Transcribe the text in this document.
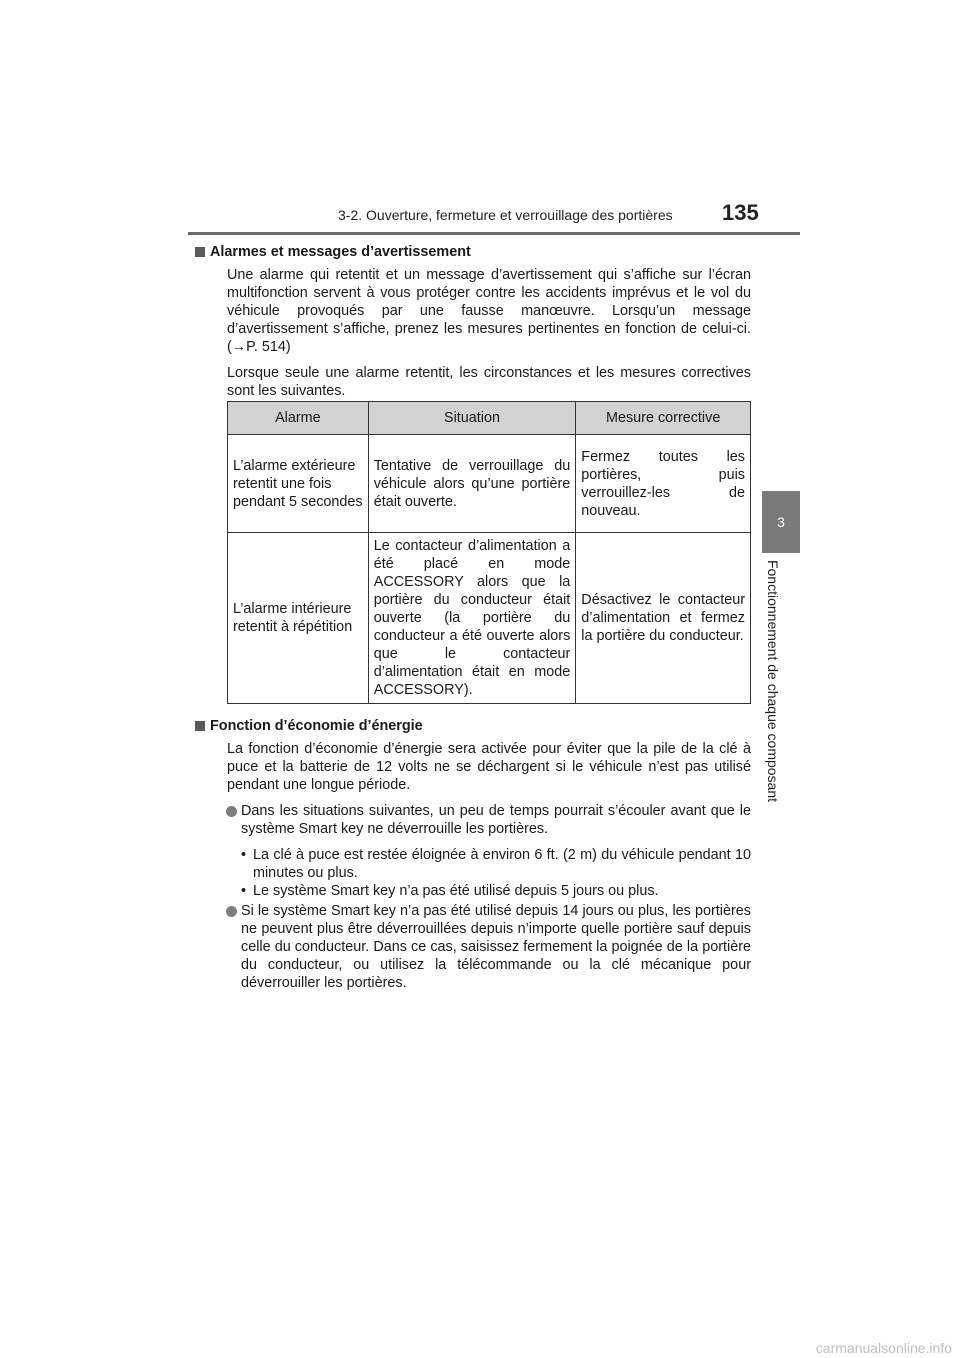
3-2. Ouverture, fermeture et verrouillage des portières 135
3
Fonctionnement de chaque composant
Alarmes et messages d’avertissement

Une alarme qui retentit et un message d’avertissement qui s’affiche sur l’écran multifonction servent à vous protéger contre les accidents imprévus et le vol du véhicule provoqués par une fausse manœuvre. Lorsqu’un message d’avertissement s’affiche, prenez les mesures pertinentes en fonction de celui-ci. (→P. 514)

Lorsque seule une alarme retentit, les circonstances et les mesures correctives sont les suivantes.

Alarme	Situation	Mesure corrective
L’alarme extérieure retentit une fois pendant 5 secondes	Tentative de verrouillage du véhicule alors qu’une portière était ouverte.	Fermez toutes les portières, puis verrouillez-les de nouveau.
L’alarme intérieure retentit à répétition	Le contacteur d’alimentation a été placé en mode ACCESSORY alors que la portière du conducteur était ouverte (la portière du conducteur a été ouverte alors que le contacteur d’alimentation était en mode ACCESSORY).	Désactivez le contacteur d’alimentation et fermez la portière du conducteur.
Fonction d’économie d’énergie

La fonction d’économie d’énergie sera activée pour éviter que la pile de la clé à puce et la batterie de 12 volts ne se déchargent si le véhicule n’est pas utilisé pendant une longue période.

Dans les situations suivantes, un peu de temps pourrait s’écouler avant que le système Smart key ne déverrouille les portières.
• La clé à puce est restée éloignée à environ 6 ft. (2 m) du véhicule pendant 10 minutes ou plus.
• Le système Smart key n’a pas été utilisé depuis 5 jours ou plus.
Si le système Smart key n’a pas été utilisé depuis 14 jours ou plus, les portières ne peuvent plus être déverrouillées depuis n’importe quelle portière sauf depuis celle du conducteur. Dans ce cas, saisissez fermement la poignée de la portière du conducteur, ou utilisez la télécommande ou la clé mécanique pour déverrouiller les portières.
carmanualsonline.info
